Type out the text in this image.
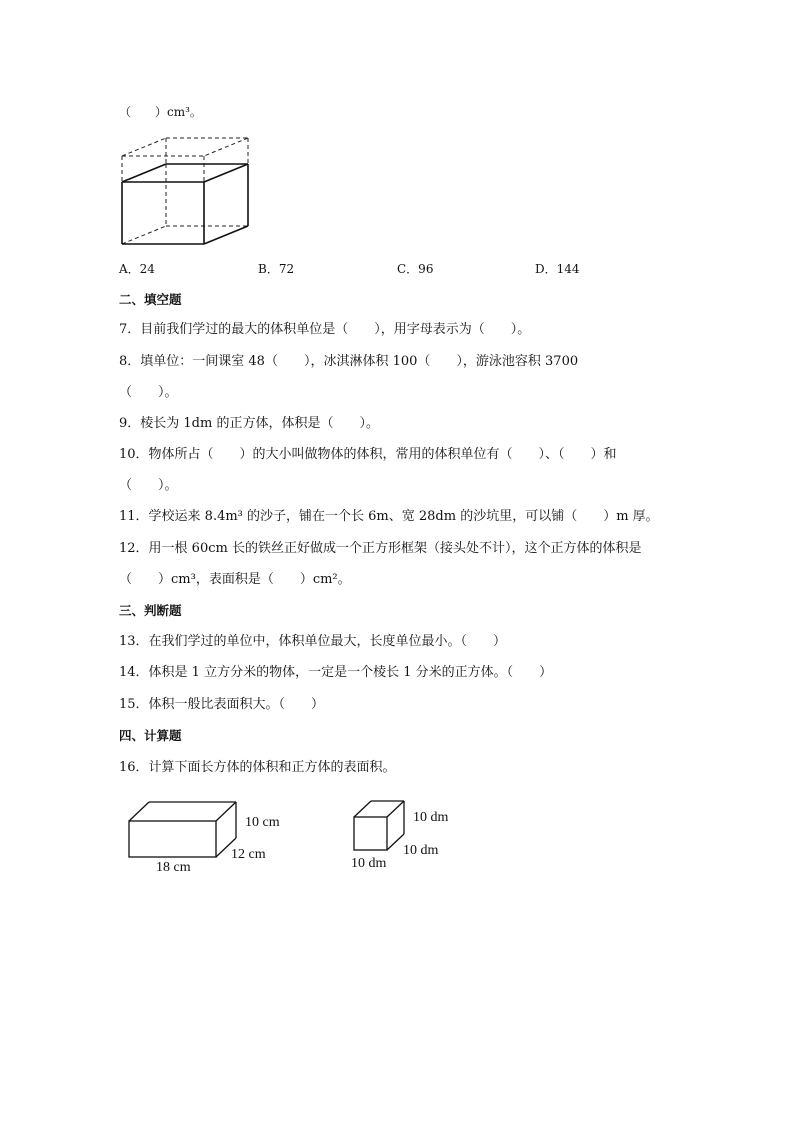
（　　）cm³。
A．24	B．72	C．96	D．144
二、填空题
7．目前我们学过的最大的体积单位是（　　），用字母表示为（　　）。
8．填单位：一间课室 48（　　），冰淇淋体积 100（　　），游泳池容积 3700
（　　）。
9．棱长为 1dm 的正方体，体积是（　　）。
10．物体所占（　　）的大小叫做物体的体积，常用的体积单位有（　　）、（　　）和
（　　）。
11．学校运来 8.4m³ 的沙子，铺在一个长 6m、宽 28dm 的沙坑里，可以铺（　　）m 厚。
12．用一根 60cm 长的铁丝正好做成一个正方形框架（接头处不计），这个正方体的体积是
（　　）cm³，表面积是（　　）cm²。
三、判断题
13．在我们学过的单位中，体积单位最大，长度单位最小。（　　）
14．体积是 1 立方分米的物体，一定是一个棱长 1 分米的正方体。（　　）
15．体积一般比表面积大。（　　）
四、计算题
16．计算下面长方体的体积和正方体的表面积。
10 cm
12 cm
18 cm
10 dm
10 dm
10 dm
